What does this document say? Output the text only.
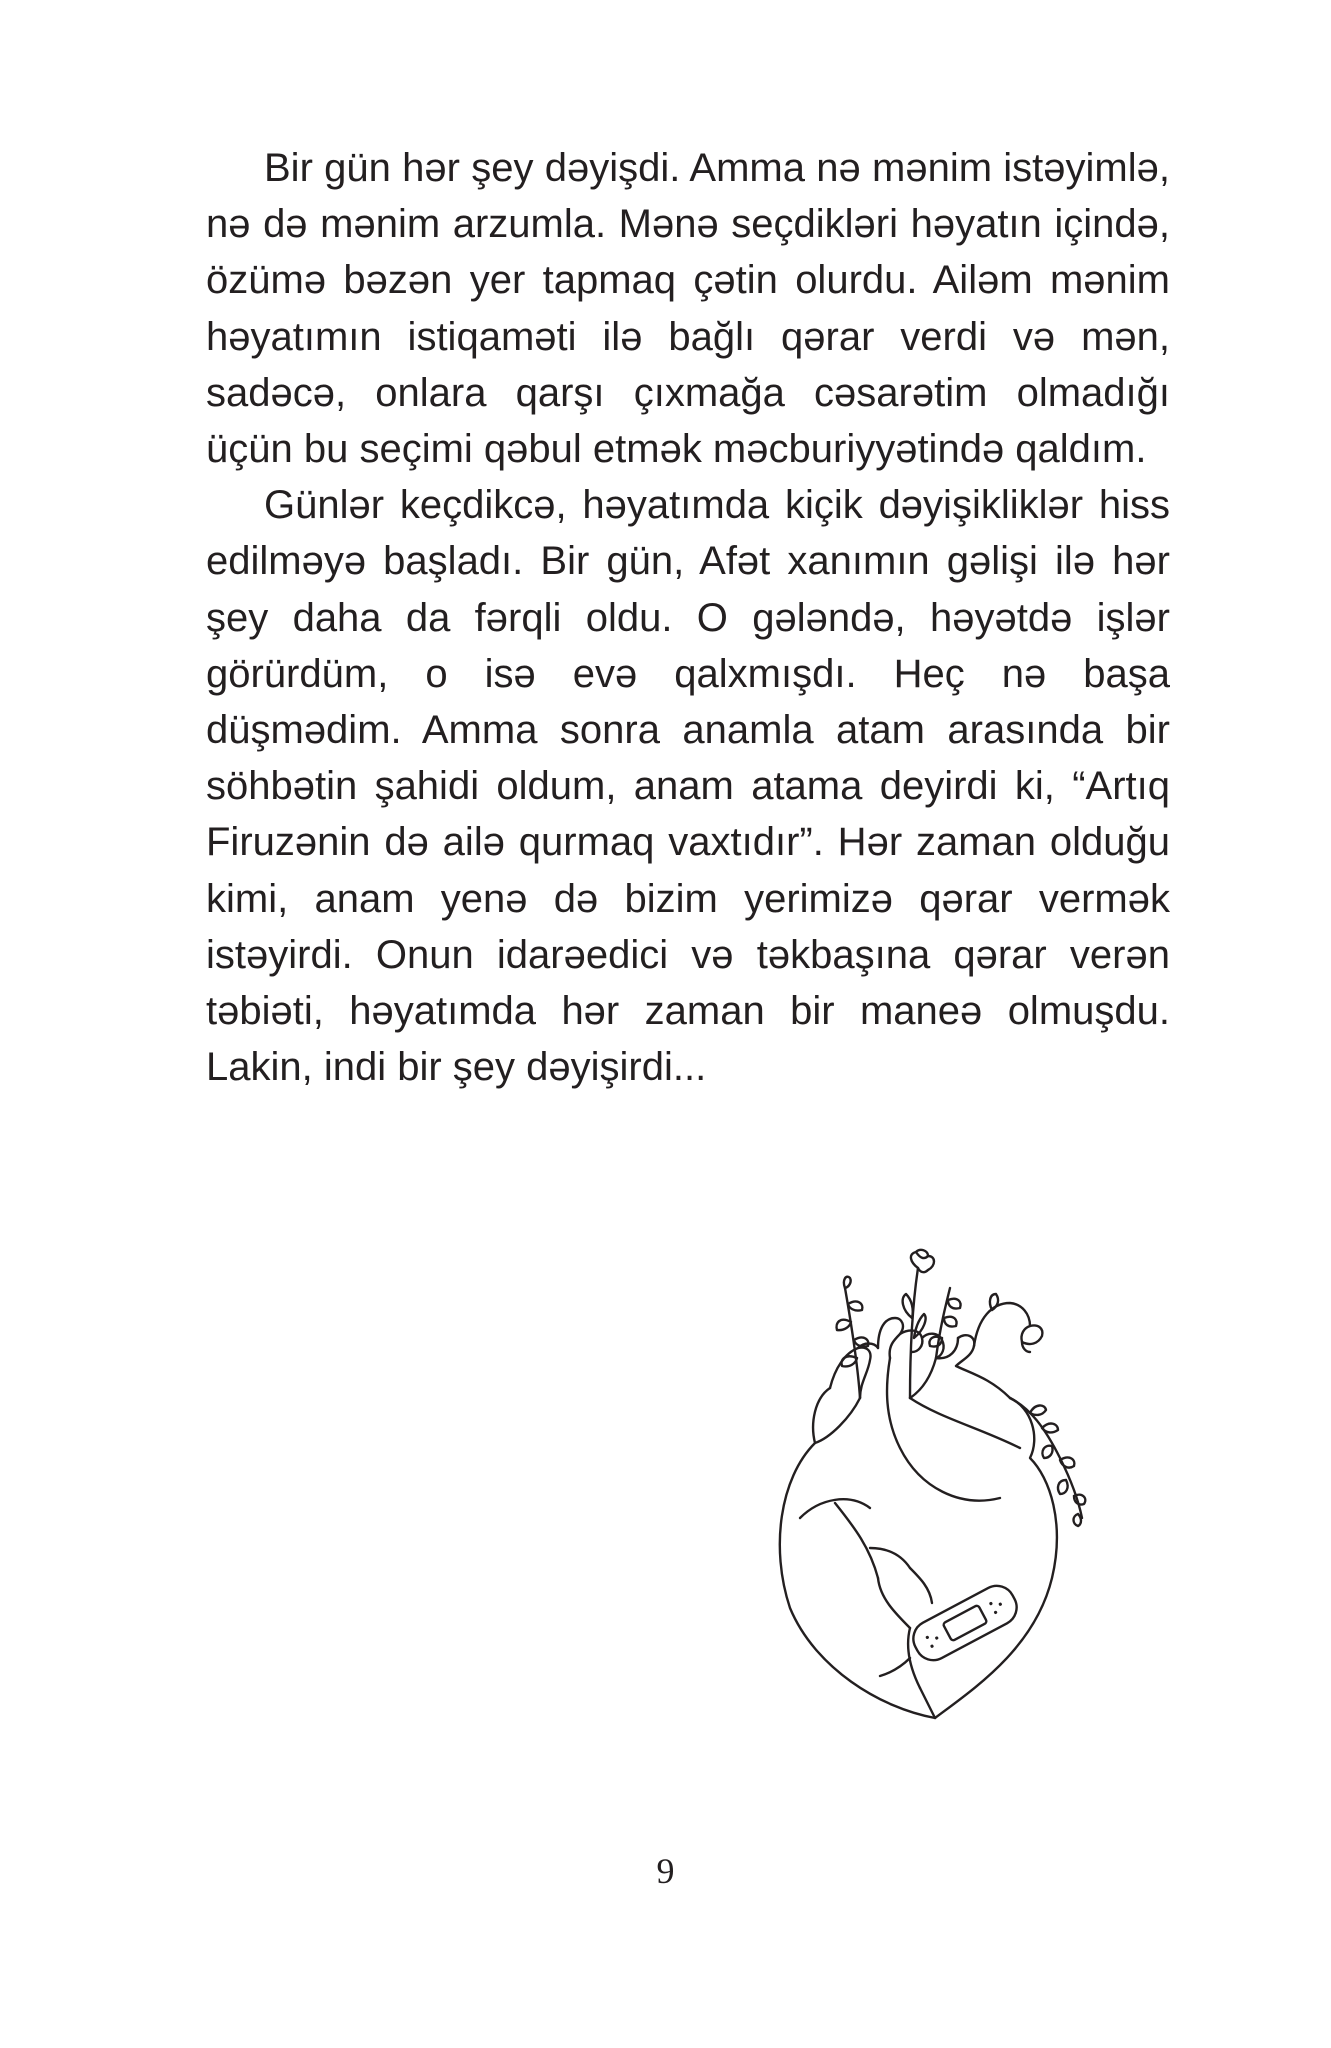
Bir gün hər şey dəyişdi. Amma nə mənim istəyimlə, nə də mənim arzumla. Mənə seçdikləri həyatın içində, özümə bəzən yer tapmaq çətin olurdu. Ailəm mənim həyatımın istiqaməti ilə bağlı qərar verdi və mən, sadəcə, onlara qarşı çıxmağa cəsarətim olmadığı üçün bu seçimi qəbul etmək məcburiyyətində qaldım.

Günlər keçdikcə, həyatımda kiçik dəyişikliklər hiss edilməyə başladı. Bir gün, Afət xanımın gəlişi ilə hər şey daha da fərqli oldu. O gələndə, həyətdə işlər görürdüm, o isə evə qalxmışdı. Heç nə başa düşmədim. Amma sonra anamla atam arasında bir söhbətin şahidi oldum, anam atama deyirdi ki, “Artıq Firuzənin də ailə qurmaq vaxtıdır”. Hər zaman olduğu kimi, anam yenə də bizim yerimizə qərar vermək istəyirdi. Onun idarəedici və təkbaşına qərar verən təbiəti, həyatımda hər zaman bir maneə olmuşdu. Lakin, indi bir şey dəyişirdi...

9
